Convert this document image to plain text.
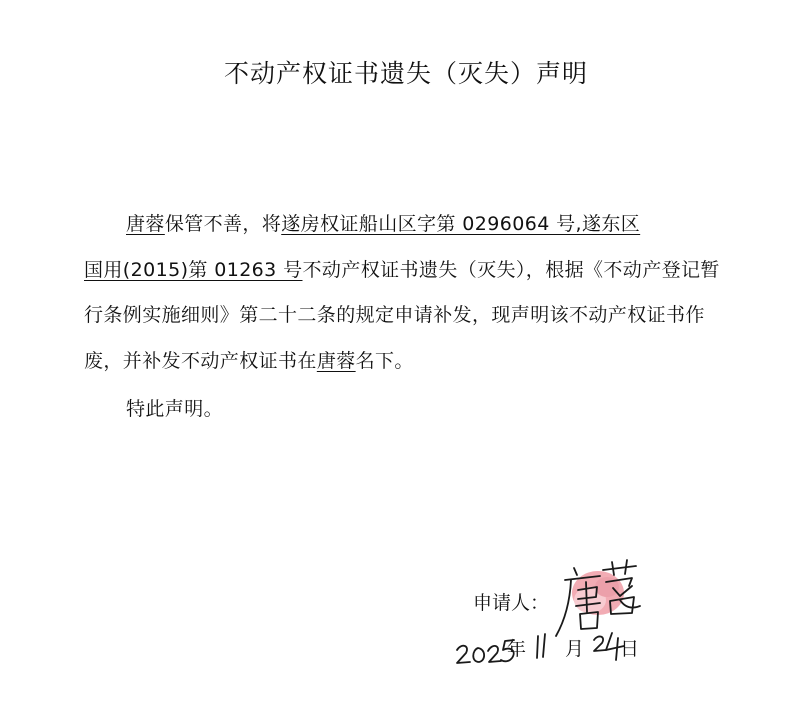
不动产权证书遗失（灭失）声明
唐蓉保管不善，将遂房权证船山区字第 0296064 号,遂东区
国用(2015)第 01263 号不动产权证书遗失（灭失），根据《不动产登记暂行条例实施细则》第二十二条的规定申请补发，现声明该不动产权证书作废，并补发不动产权证书在唐蓉名下。
特此声明。
申请人：
年 月 日
